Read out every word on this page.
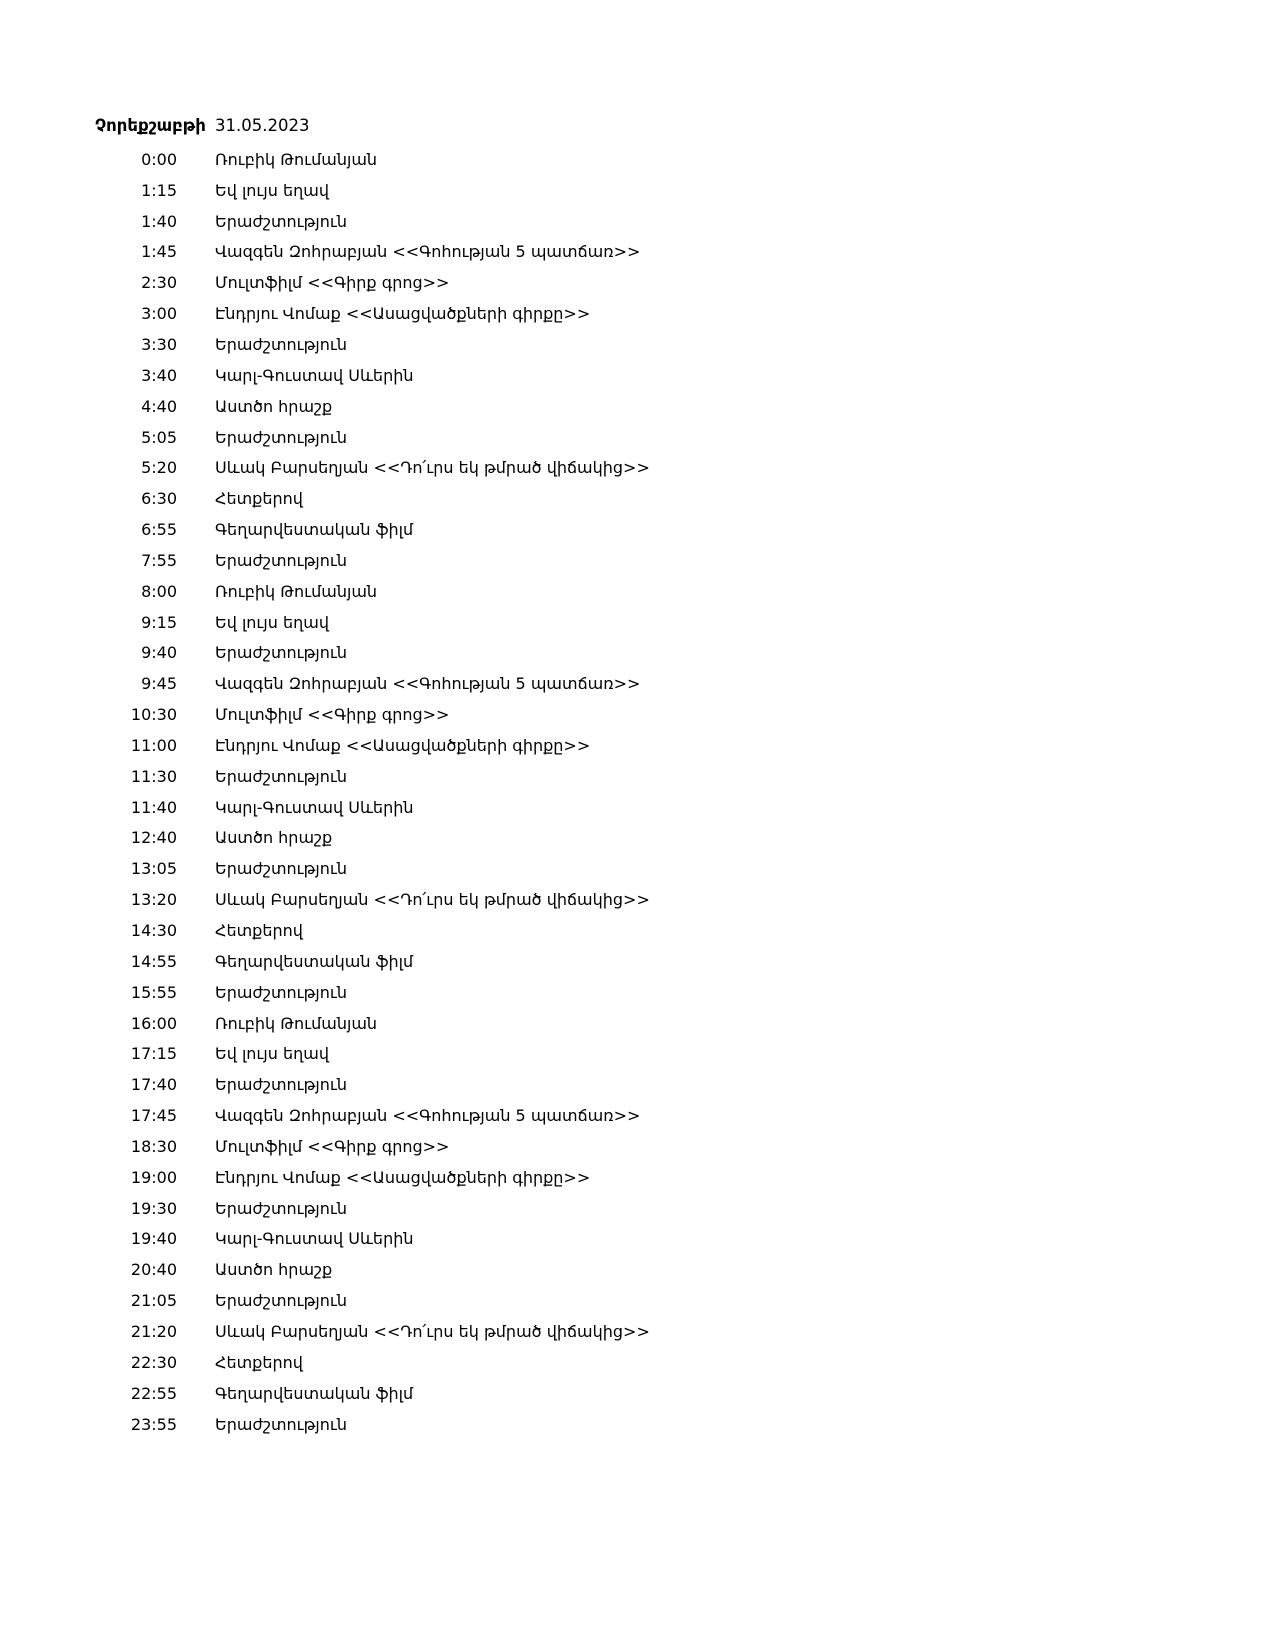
Չորեքշաբթի 31.05.2023
0:00 Ռուբիկ Թումանյան
1:15 Եվ լույս եղավ
1:40 Երաժշտություն
1:45 Վազգեն Զոհրաբյան <<Գոհության 5 պատճառ>>
2:30 Մուլտֆիլմ <<Գիրք գրոց>>
3:00 Էնդրյու Վոմաք <<Ասացվածքների գիրքը>>
3:30 Երաժշտություն
3:40 Կարլ-Գուստավ Սևերին
4:40 Աստծո հրաշք
5:05 Երաժշտություն
5:20 Սևակ Բարսեղյան <<Դո՛ւրս եկ թմրած վիճակից>>
6:30 Հետքերով
6:55 Գեղարվեստական ֆիլմ
7:55 Երաժշտություն
8:00 Ռուբիկ Թումանյան
9:15 Եվ լույս եղավ
9:40 Երաժշտություն
9:45 Վազգեն Զոհրաբյան <<Գոհության 5 պատճառ>>
10:30 Մուլտֆիլմ <<Գիրք գրոց>>
11:00 Էնդրյու Վոմաք <<Ասացվածքների գիրքը>>
11:30 Երաժշտություն
11:40 Կարլ-Գուստավ Սևերին
12:40 Աստծո հրաշք
13:05 Երաժշտություն
13:20 Սևակ Բարսեղյան <<Դո՛ւրս եկ թմրած վիճակից>>
14:30 Հետքերով
14:55 Գեղարվեստական ֆիլմ
15:55 Երաժշտություն
16:00 Ռուբիկ Թումանյան
17:15 Եվ լույս եղավ
17:40 Երաժշտություն
17:45 Վազգեն Զոհրաբյան <<Գոհության 5 պատճառ>>
18:30 Մուլտֆիլմ <<Գիրք գրոց>>
19:00 Էնդրյու Վոմաք <<Ասացվածքների գիրքը>>
19:30 Երաժշտություն
19:40 Կարլ-Գուստավ Սևերին
20:40 Աստծո հրաշք
21:05 Երաժշտություն
21:20 Սևակ Բարսեղյան <<Դո՛ւրս եկ թմրած վիճակից>>
22:30 Հետքերով
22:55 Գեղարվեստական ֆիլմ
23:55 Երաժշտություն
